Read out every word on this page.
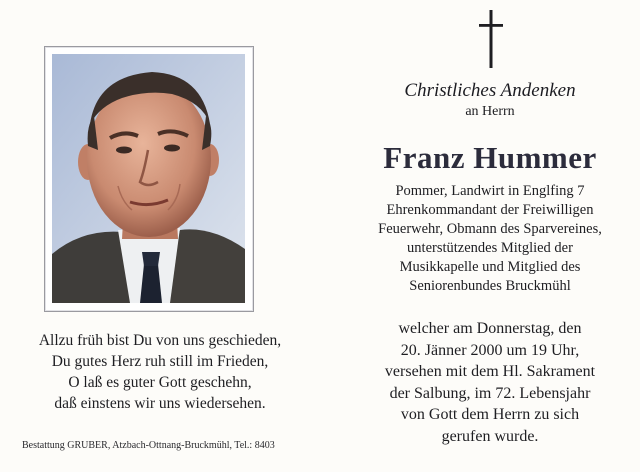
Allzu früh bist Du von uns geschieden,
Du gutes Herz ruh still im Frieden,
O laß es guter Gott geschehn,
daß einstens wir uns wiedersehen.
Bestattung GRUBER, Atzbach-Ottnang-Bruckmühl, Tel.: 8403
Christliches Andenken
an Herrn
Franz Hummer
Pommer, Landwirt in Englfing 7
Ehrenkommandant der Freiwilligen
Feuerwehr, Obmann des Sparvereines,
unterstützendes Mitglied der
Musikkapelle und Mitglied des
Seniorenbundes Bruckmühl
welcher am Donnerstag, den
20. Jänner 2000 um 19 Uhr,
versehen mit dem Hl. Sakrament
der Salbung, im 72. Lebensjahr
von Gott dem Herrn zu sich
gerufen wurde.
